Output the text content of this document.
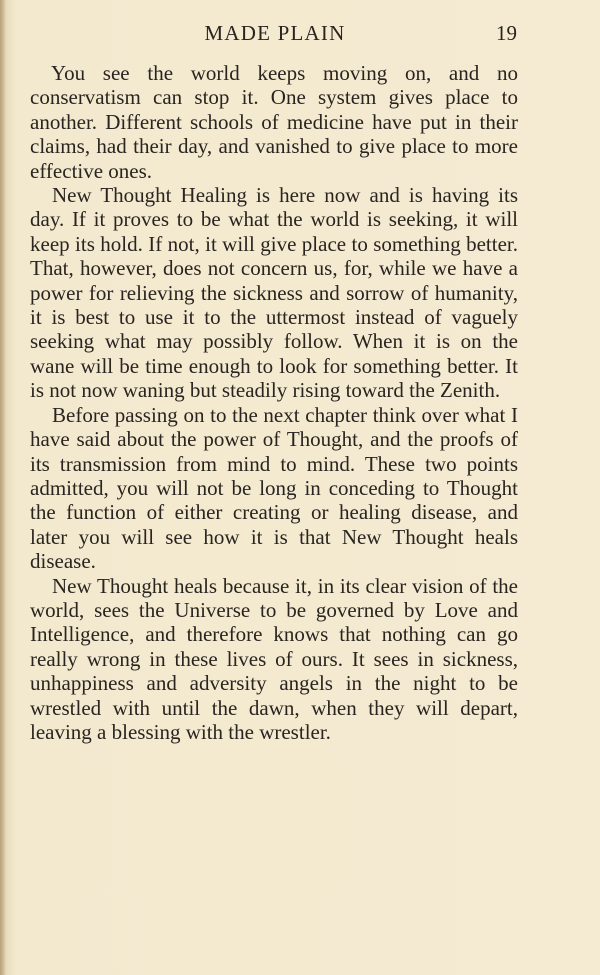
MADE PLAIN	19

You see the world keeps moving on, and no conservatism can stop it. One system gives place to another. Different schools of medicine have put in their claims, had their day, and vanished to give place to more effective ones.

New Thought Healing is here now and is having its day. If it proves to be what the world is seeking, it will keep its hold. If not, it will give place to something better. That, however, does not concern us, for, while we have a power for relieving the sickness and sorrow of humanity, it is best to use it to the uttermost instead of vaguely seeking what may possibly follow. When it is on the wane will be time enough to look for something better. It is not now waning but steadily rising toward the Zenith.

Before passing on to the next chapter think over what I have said about the power of Thought, and the proofs of its transmission from mind to mind. These two points admitted, you will not be long in conceding to Thought the function of either creating or healing disease, and later you will see how it is that New Thought heals disease.

New Thought heals because it, in its clear vision of the world, sees the Universe to be governed by Love and Intelligence, and therefore knows that nothing can go really wrong in these lives of ours. It sees in sickness, unhappiness and adversity angels in the night to be wrestled with until the dawn, when they will depart, leaving a blessing with the wrestler.
